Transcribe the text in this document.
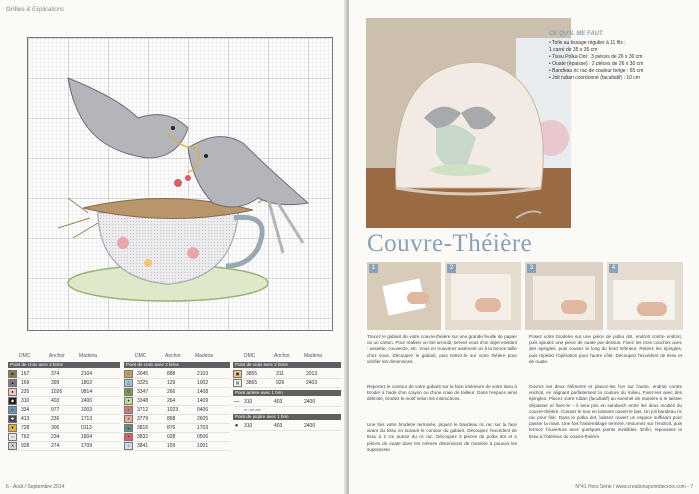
Grilles & Explications
DMC	Anchor	Madeira
Point de croix avec 2 brins
■	167	374	2104
▲	169	399	1802
●	225	1026	0814
◆	310	403	2400
◇	334	977	1003
✚	413	236	1713
▼	728	306	0113
○	762	234	1804
✕	928	274	1709
DMC	Anchor	Madeira
Point de croix avec 2 brins
□	3045	888	2103
△	3325	129	1002
▽	3347	266	1408
✦	3348	264	1409
◐	3712	1023	0406
◑	3779	868	2605
◒	3816	876	1703
◓	3832	028	0506
✧	3841	159	1001
DMC	Anchor	Madeira
Point de croix avec 2 brins
▣	3855	311	2013
▤	3865	926	2403
Point arrière avec 1 brin
— 310	403	2400
et nœuds
Point de piqûre avec 1 brin
●	310	403	2400
6 - Août / Septembre 2014
CE QU'IL ME FAUT
• Toile au tissage régulier à 11 fils :
1 carré de 35 x 35 cm
• Tissu Polka Dot : 3 pièces de 26 x 30 cm
• Ouate (épaisse) : 2 pièces de 26 x 30 cm
• Bandeau ric rac de couleur beige : 65 cm
• Joli ruban coordonné (facultatif) : 10 cm
Couvre-Théière
1	2	3	4
Tracez le gabarit de votre couvre-théière sur une grande feuille de papier ou un carton. Pour réaliser un bel arrondi, servez-vous d'un objet existant : assiette, couvercle, etc. Vous en trouverez aisément un à la bonne taille chez vous. Découpez le gabarit, puis testez-le sur votre théière pour vérifier les dimensions.
Reportez le contour de votre gabarit sur la face intérieure de votre tissu à broder à l'aide d'un crayon ou d'une craie de tailleur. Dans l'espace ainsi délimité, brodez le motif selon les instructions.
Une fois votre broderie terminée, piquez le bandeau ric rac sur la face avant du tissu en suivant le contour du gabarit. Découpez l'excédent de tissu à 2 cm autour du ric rac. Découpez 3 pièces de polka dot et 2 pièces de ouate dans les mêmes dimensions de manière à pouvoir les superposer.
Posez votre broderie sur une pièce de polka dot, endroit contre endroit, puis ajoutez une pièce de ouate par-dessus. Fixez les trois couches avec des épingles, puis cousez le long du bord inférieur. Retirez les épingles, puis répétez l'opération pour l'autre côté. Découpez l'excédent de tissu et de ouate.
Ouvrez les deux éléments et placez-les l'un sur l'autre, endroit contre endroit, en alignant parfaitement la couture du milieu. Fixez-les avec des épingles. Placez votre ruban (facultatif) au sommet de manière à le laisser dépasser et fixez-le – il sera pris en sandwich entre les deux moitiés du couvre-théière. Cousez le tour en laissant ouvert le bas. Un joli bandeau ric rac pour finir. Dans le polka dot, laissez ouvert un espace suffisant pour passer la main. Une fois l'assemblage terminé, retournez sur l'endroit, puis fermez l'ouverture avec quelques points invisibles. Enfin, repoussez le tissu à l'intérieur du couvre-théière.
N°41 Hors Série / www.creationspointdecroix.com - 7
